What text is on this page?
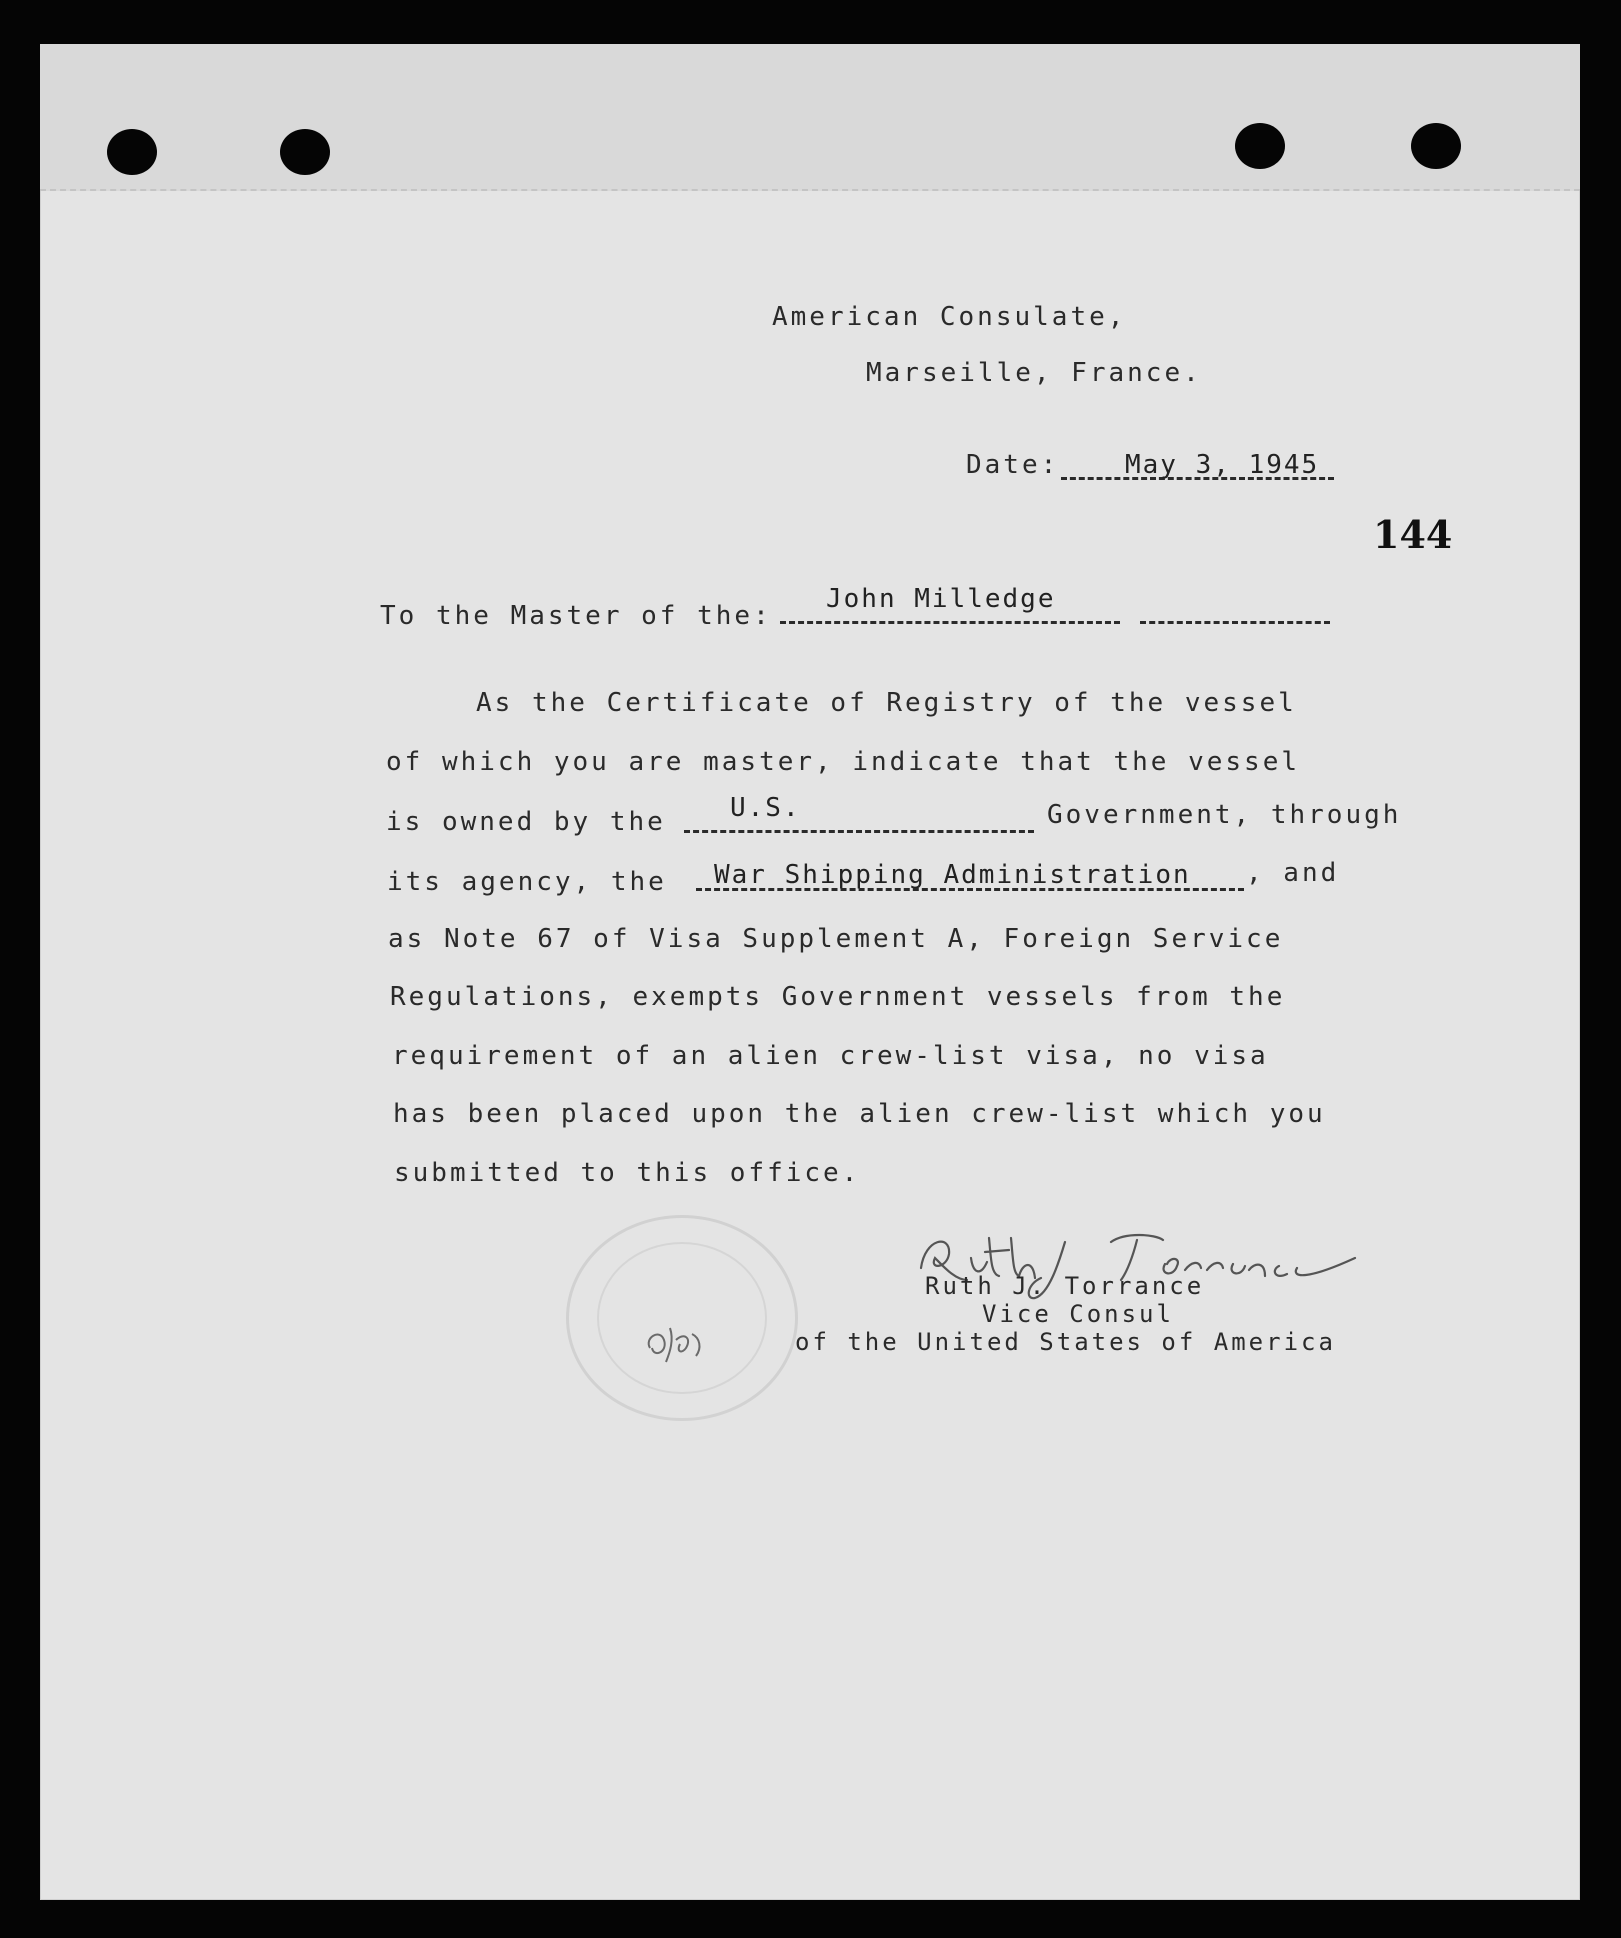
American Consulate,
Marseille, France.
Date:	May 3, 1945
144
To the Master of the:
John Milledge
As the Certificate of Registry of the vessel
of which you are master, indicate that the vessel
is owned by the U.S.	Government, through
its agency, the War Shipping Administration , and
as Note 67 of Visa Supplement A, Foreign Service
Regulations, exempts Government vessels from the
requirement of an alien crew-list visa, no visa
has been placed upon the alien crew-list which you
submitted to this office.
Ruth J. Torrance
Vice Consul
of the United States of America
